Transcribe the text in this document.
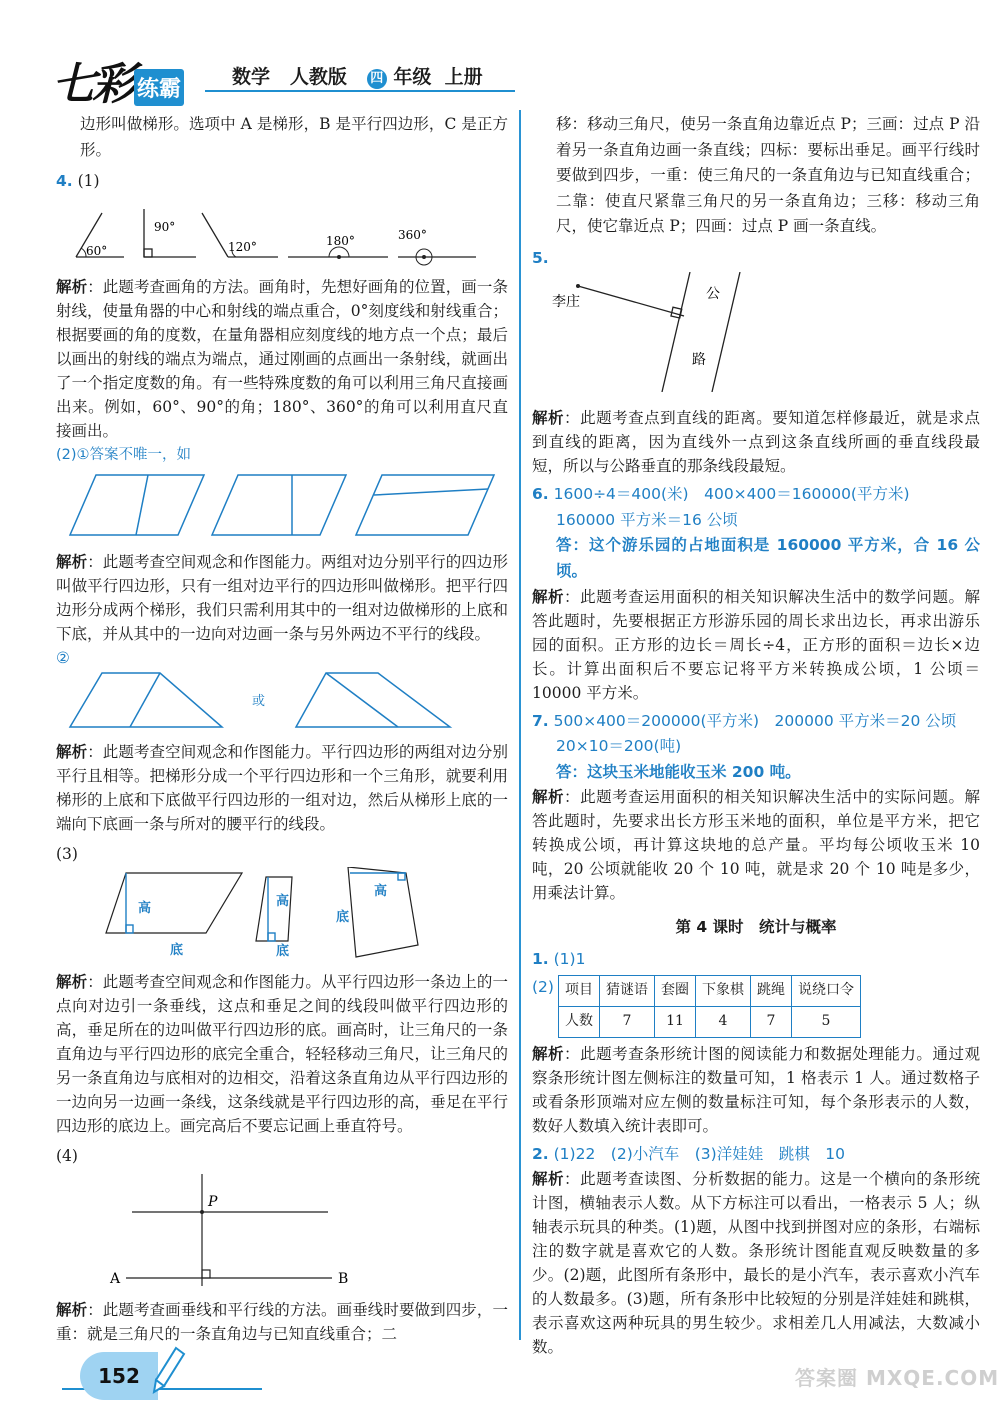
七彩 练霸	数学 人教版 四 年级 上册

边形叫做梯形。选项中 A 是梯形，B 是平行四边形，C 是正方形。

4. (1)

60°
90°
120°	180°	360°

解析：此题考查画角的方法。画角时，先想好画角的位置，画一条射线，使量角器的中心和射线的端点重合，0°刻度线和射线重合；根据要画的角的度数，在量角器相应刻度线的地方点一个点；最后以画出的射线的端点为端点，通过刚画的点画出一条射线，就画出了一个指定度数的角。有一些特殊度数的角可以利用三角尺直接画出来。例如，60°、90°的角；180°、360°的角可以利用直尺直接画出。

(2)①答案不唯一，如

解析：此题考查空间观念和作图能力。两组对边分别平行的四边形叫做平行四边形，只有一组对边平行的四边形叫做梯形。把平行四边形分成两个梯形，我们只需利用其中的一组对边做梯形的上底和下底，并从其中的一边向对边画一条与另外两边不平行的线段。

②

或

解析：此题考查空间观念和作图能力。平行四边形的两组对边分别平行且相等。把梯形分成一个平行四边形和一个三角形，就要利用梯形的上底和下底做平行四边形的一组对边，然后从梯形上底的一端向下底画一条与所对的腰平行的线段。

(3)

高
底
高
底
高
底

解析：此题考查空间观念和作图能力。从平行四边形一条边上的一点向对边引一条垂线，这点和垂足之间的线段叫做平行四边形的高，垂足所在的边叫做平行四边形的底。画高时，让三角尺的一条直角边与平行四边形的底完全重合，轻轻移动三角尺，让三角尺的另一条直角边与底相对的边相交，沿着这条直角边从平行四边形的一边向另一边画一条线，这条线就是平行四边形的高，垂足在平行四边形的底边上。画完高后不要忘记画上垂直符号。

(4)

P
A	B

解析：此题考查画垂线和平行线的方法。画垂线时要做到四步，一重：就是三角尺的一条直角边与已知直线重合；二

移：移动三角尺，使另一条直角边靠近点 P；三画：过点 P 沿着另一条直角边画一条直线；四标：要标出垂足。画平行线时要做到四步，一重：使三角尺的一条直角边与已知直线重合；二靠：使直尺紧靠三角尺的另一条直角边；三移：移动三角尺，使它靠近点 P；四画：过点 P 画一条直线。

5.

李庄	公
路

解析：此题考查点到直线的距离。要知道怎样修最近，就是求点到直线的距离，因为直线外一点到这条直线所画的垂直线段最短，所以与公路垂直的那条线段最短。

6. 1600÷4＝400(米)　400×400＝160000(平方米)

160000 平方米＝16 公顷

答：这个游乐园的占地面积是 160000 平方米，合 16 公顷。

解析：此题考查运用面积的相关知识解决生活中的数学问题。解答此题时，先要根据正方形游乐园的周长求出边长，再求出游乐园的面积。正方形的边长＝周长÷4，正方形的面积＝边长×边长。计算出面积后不要忘记将平方米转换成公顷，1 公顷＝10000 平方米。

7. 500×400＝200000(平方米)　200000 平方米＝20 公顷

20×10＝200(吨)

答：这块玉米地能收玉米 200 吨。

解析：此题考查运用面积的相关知识解决生活中的实际问题。解答此题时，先要求出长方形玉米地的面积，单位是平方米，把它转换成公顷，再计算这块地的总产量。平均每公顷收玉米 10 吨，20 公顷就能收 20 个 10 吨，就是求 20 个 10 吨是多少，用乘法计算。

第 4 课时　统计与概率

1. (1)1

(2) 项目	猜谜语	套圈	下象棋	跳绳	说绕口令
人数	7	11	4	7	5

解析：此题考查条形统计图的阅读能力和数据处理能力。通过观察条形统计图左侧标注的数量可知，1 格表示 1 人。通过数格子或看条形顶端对应左侧的数量标注可知，每个条形表示的人数，数好人数填入统计表即可。

2. (1)22　(2)小汽车　(3)洋娃娃　跳棋　10

解析：此题考查读图、分析数据的能力。这是一个横向的条形统计图，横轴表示人数。从下方标注可以看出，一格表示 5 人；纵轴表示玩具的种类。(1)题，从图中找到拼图对应的条形，右端标注的数字就是喜欢它的人数。条形统计图能直观反映数量的多少。(2)题，此图所有条形中，最长的是小汽车，表示喜欢小汽车的人数最多。(3)题，所有条形中比较短的分别是洋娃娃和跳棋，表示喜欢这两种玩具的男生较少。求相差几人用减法，大数减小数。

152	答案圈 MXQE.COM
